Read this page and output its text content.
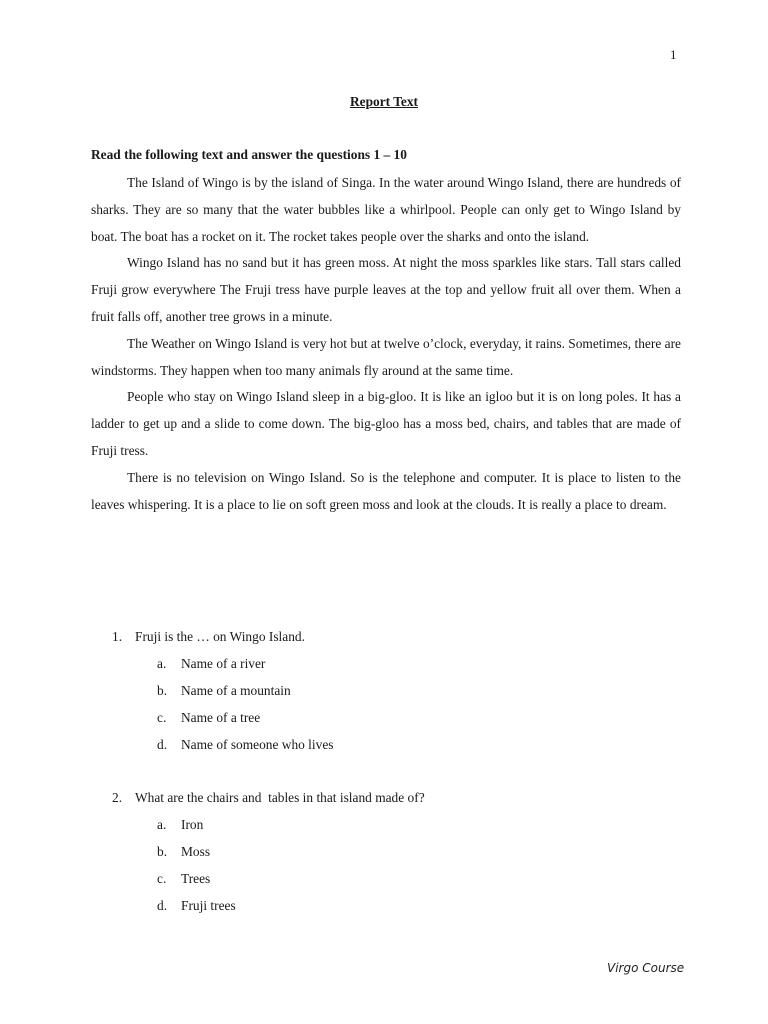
1
Report Text
Read the following text and answer the questions 1 – 10

The Island of Wingo is by the island of Singa. In the water around Wingo Island, there are hundreds of sharks. They are so many that the water bubbles like a whirlpool. People can only get to Wingo Island by boat. The boat has a rocket on it. The rocket takes people over the sharks and onto the island.

Wingo Island has no sand but it has green moss. At night the moss sparkles like stars. Tall stars called Fruji grow everywhere The Fruji tress have purple leaves at the top and yellow fruit all over them. When a fruit falls off, another tree grows in a minute.

The Weather on Wingo Island is very hot but at twelve o’clock, everyday, it rains. Sometimes, there are windstorms. They happen when too many animals fly around at the same time.

People who stay on Wingo Island sleep in a big-gloo. It is like an igloo but it is on long poles. It has a ladder to get up and a slide to come down. The big-gloo has a moss bed, chairs, and tables that are made of Fruji tress.

There is no television on Wingo Island. So is the telephone and computer. It is place to listen to the leaves whispering. It is a place to lie on soft green moss and look at the clouds. It is really a place to dream.

1. Fruji is the … on Wingo Island.
a.	Name of a river
b.	Name of a mountain
c.	Name of a tree
d.	Name of someone who lives
2. What are the chairs and  tables in that island made of?
a.	Iron
b.	Moss
c.	Trees
d.	Fruji trees
Virgo Course
